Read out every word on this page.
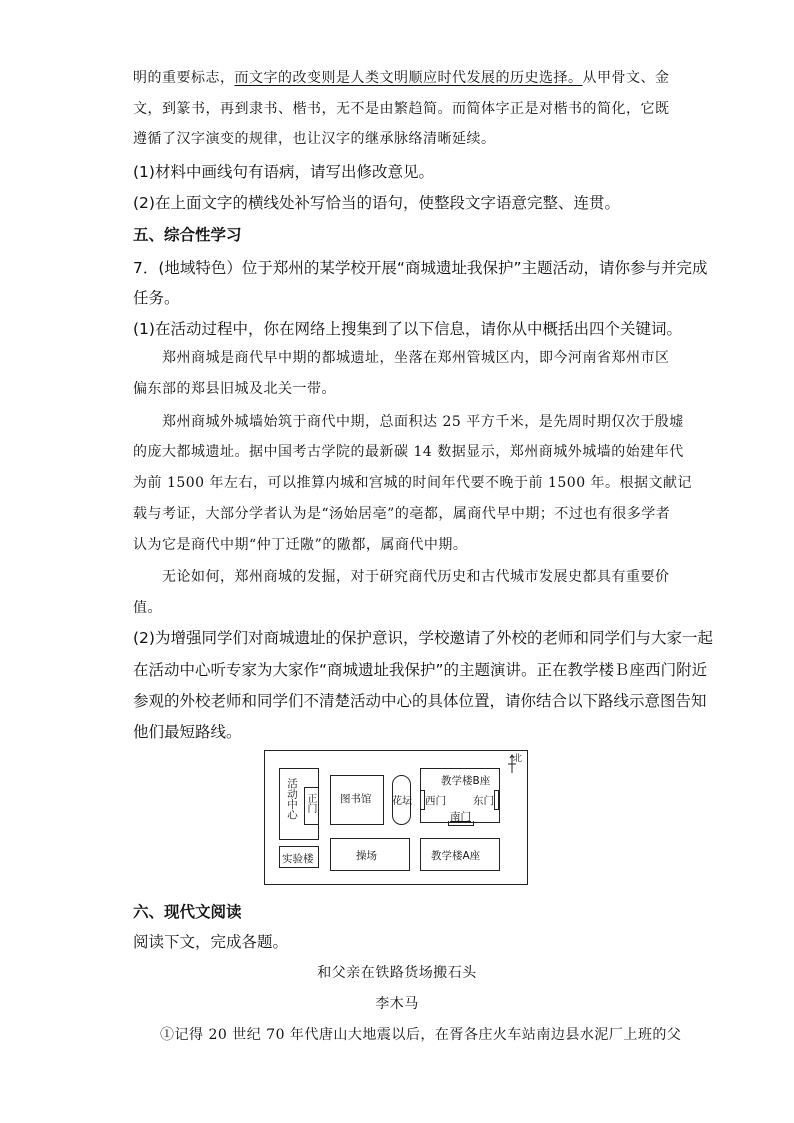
明的重要标志，而文字的改变则是人类文明顺应时代发展的历史选择。从甲骨文、金
文，到篆书，再到隶书、楷书，无不是由繁趋简。而简体字正是对楷书的简化，它既
遵循了汉字演变的规律，也让汉字的继承脉络清晰延续。
(1)材料中画线句有语病，请写出修改意见。
(2)在上面文字的横线处补写恰当的语句，使整段文字语意完整、连贯。
五、综合性学习
7．(地域特色）位于郑州的某学校开展“商城遗址我保护”主题活动，请你参与并完成
任务。
(1)在活动过程中，你在网络上搜集到了以下信息，请你从中概括出四个关键词。
郑州商城是商代早中期的都城遗址，坐落在郑州管城区内，即今河南省郑州市区
偏东部的郑县旧城及北关一带。
郑州商城外城墙始筑于商代中期，总面积达 25 平方千米，是先周时期仅次于殷墟
的庞大都城遗址。据中国考古学院的最新碳 14 数据显示，郑州商城外城墙的始建年代
为前 1500 年左右，可以推算内城和宫城的时间年代要不晚于前 1500 年。根据文献记
载与考证，大部分学者认为是“汤始居亳”的亳都，属商代早中期；不过也有很多学者
认为它是商代中期“仲丁迁隞”的隞都，属商代中期。
无论如何，郑州商城的发掘，对于研究商代历史和古代城市发展史都具有重要价
值。
(2)为增强同学们对商城遗址的保护意识，学校邀请了外校的老师和同学们与大家一起
在活动中心听专家为大家作“商城遗址我保护”的主题演讲。正在教学楼Ｂ座西门附近
参观的外校老师和同学们不清楚活动中心的具体位置，请你结合以下路线示意图告知
他们最短路线。
北
活动中心 正门 图书馆 花坛
教学楼B座
西门	东门
南门
实验楼	操场	教学楼A座
六、现代文阅读
阅读下文，完成各题。
和父亲在铁路货场搬石头
李木马
①记得 20 世纪 70 年代唐山大地震以后，在胥各庄火车站南边县水泥厂上班的父
